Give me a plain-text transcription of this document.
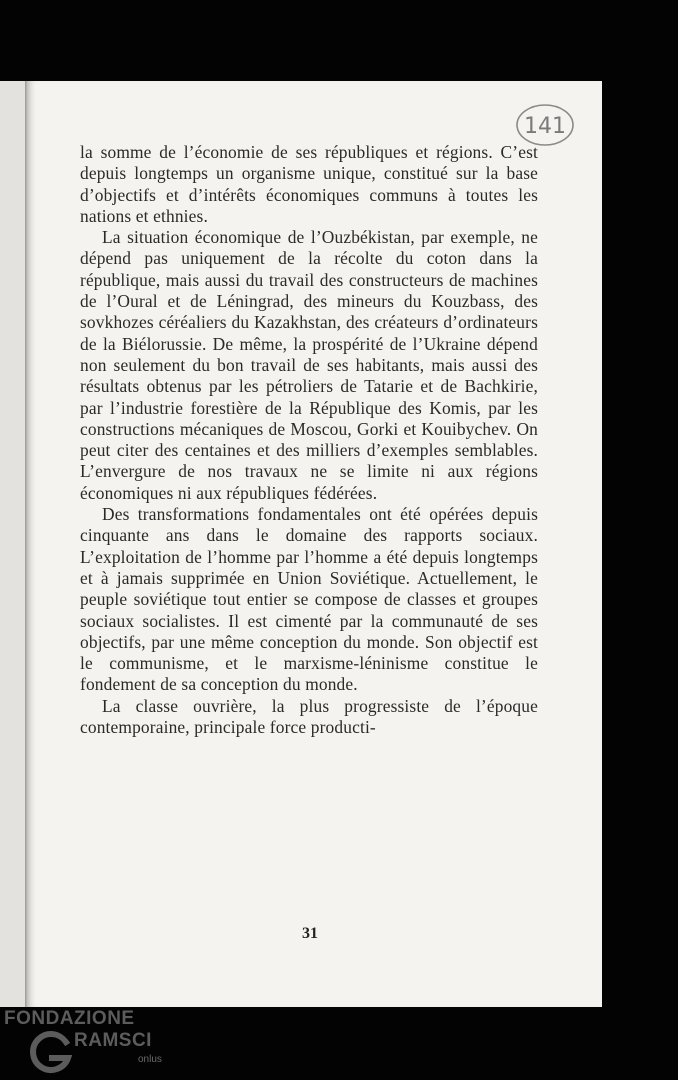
141

la somme de l’économie de ses républiques et régions. C’est depuis longtemps un organisme unique, constitué sur la base d’objectifs et d’intérêts économiques communs à toutes les nations et ethnies.

La situation économique de l’Ouzbékistan, par exemple, ne dépend pas uniquement de la récolte du coton dans la république, mais aussi du travail des constructeurs de machines de l’Oural et de Léningrad, des mineurs du Kouzbass, des sovkhozes céréaliers du Kazakhstan, des créateurs d’ordinateurs de la Biélorussie. De même, la prospérité de l’Ukraine dépend non seulement du bon travail de ses habitants, mais aussi des résultats obtenus par les pétroliers de Tatarie et de Bachkirie, par l’industrie forestière de la République des Komis, par les constructions mécaniques de Moscou, Gorki et Kouibychev. On peut citer des centaines et des milliers d’exemples semblables. L’envergure de nos travaux ne se limite ni aux régions économiques ni aux républiques fédérées.

Des transformations fondamentales ont été opérées depuis cinquante ans dans le domaine des rapports sociaux. L’exploitation de l’homme par l’homme a été depuis longtemps et à jamais supprimée en Union Soviétique. Actuellement, le peuple soviétique tout entier se compose de classes et groupes sociaux socialistes. Il est cimenté par la communauté de ses objectifs, par une même conception du monde. Son objectif est le communisme, et le marxisme-léninisme constitue le fondement de sa conception du monde.

La classe ouvrière, la plus progressiste de l’époque contemporaine, principale force producti-

31
FONDAZIONE
RAMSCI
onlus
